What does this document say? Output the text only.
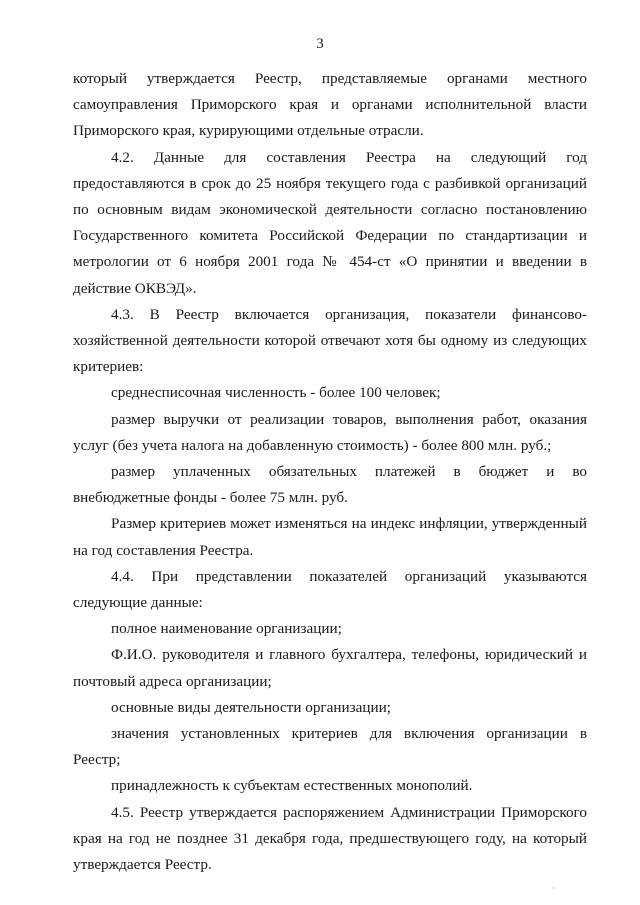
3

который утверждается Реестр, представляемые органами местного самоуправления Приморского края и органами исполнительной власти Приморского края, курирующими отдельные отрасли.

4.2. Данные для составления Реестра на следующий год предоставляются в срок до 25 ноября текущего года с разбивкой организаций по основным видам экономической деятельности согласно постановлению Государственного комитета Российской Федерации по стандартизации и метрологии от 6 ноября 2001 года № 454-ст «О принятии и введении в действие ОКВЭД».

4.3. В Реестр включается организация, показатели финансово-хозяйственной деятельности которой отвечают хотя бы одному из следующих критериев:

среднесписочная численность - более 100 человек;

размер выручки от реализации товаров, выполнения работ, оказания услуг (без учета налога на добавленную стоимость) - более 800 млн. руб.;

размер уплаченных обязательных платежей в бюджет и во внебюджетные фонды - более 75 млн. руб.

Размер критериев может изменяться на индекс инфляции, утвержденный на год составления Реестра.

4.4. При представлении показателей организаций указываются следующие данные:

полное наименование организации;

Ф.И.О. руководителя и главного бухгалтера, телефоны, юридический и почтовый адреса организации;

основные виды деятельности организации;

значения установленных критериев для включения организации в Реестр;

принадлежность к субъектам естественных монополий.

4.5. Реестр утверждается распоряжением Администрации Приморского края на год не позднее 31 декабря года, предшествующего году, на который утверждается Реестр.

·
